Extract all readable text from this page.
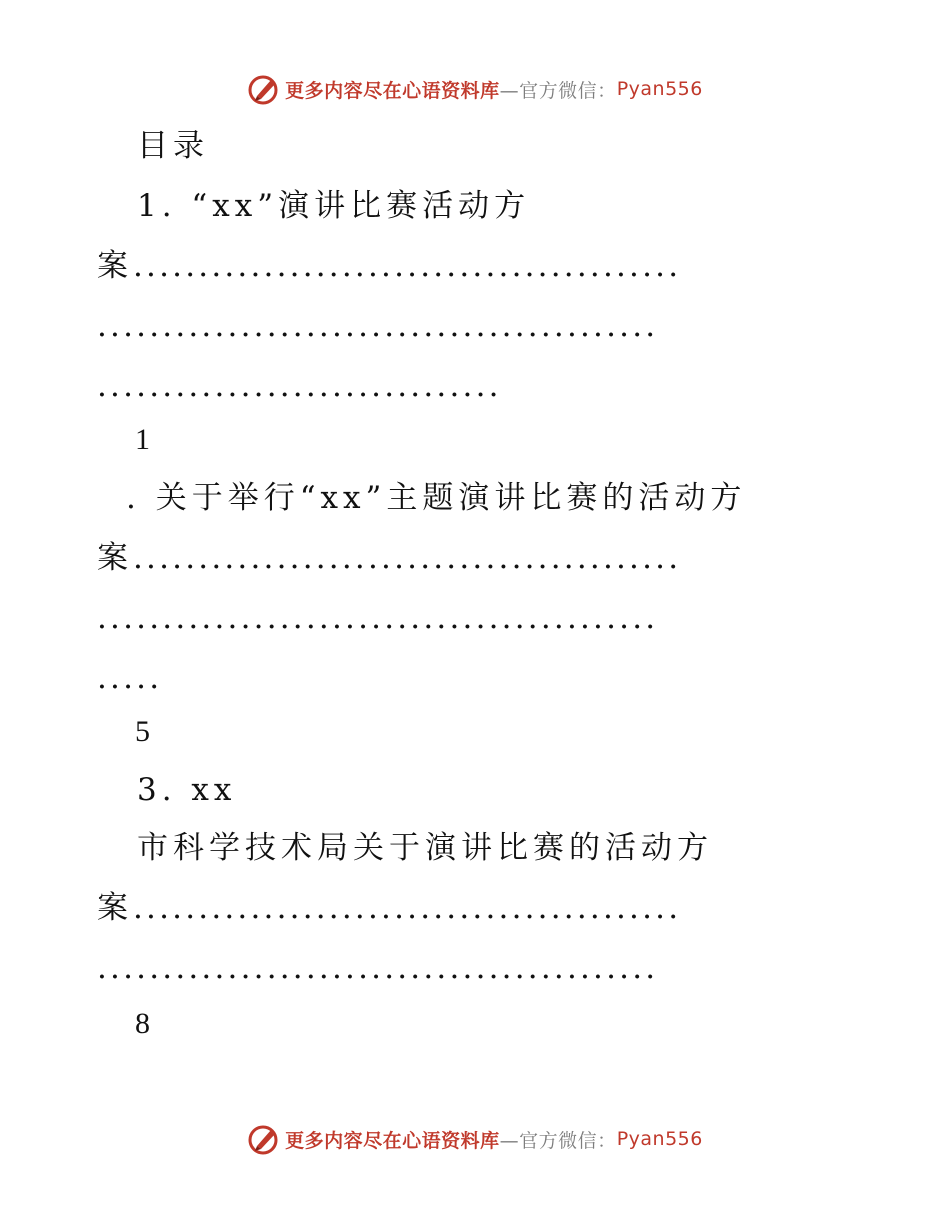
更多内容尽在心语资料库 —官方微信： Pyan556
目录
1. “xx”演讲比赛活动方
案..........................................
...........................................
...............................
1
. 关于举行“xx”主题演讲比赛的活动方
案..........................................
...........................................
.....
5
3. xx
市科学技术局关于演讲比赛的活动方
案..........................................
...........................................
8
更多内容尽在心语资料库 —官方微信： Pyan556
